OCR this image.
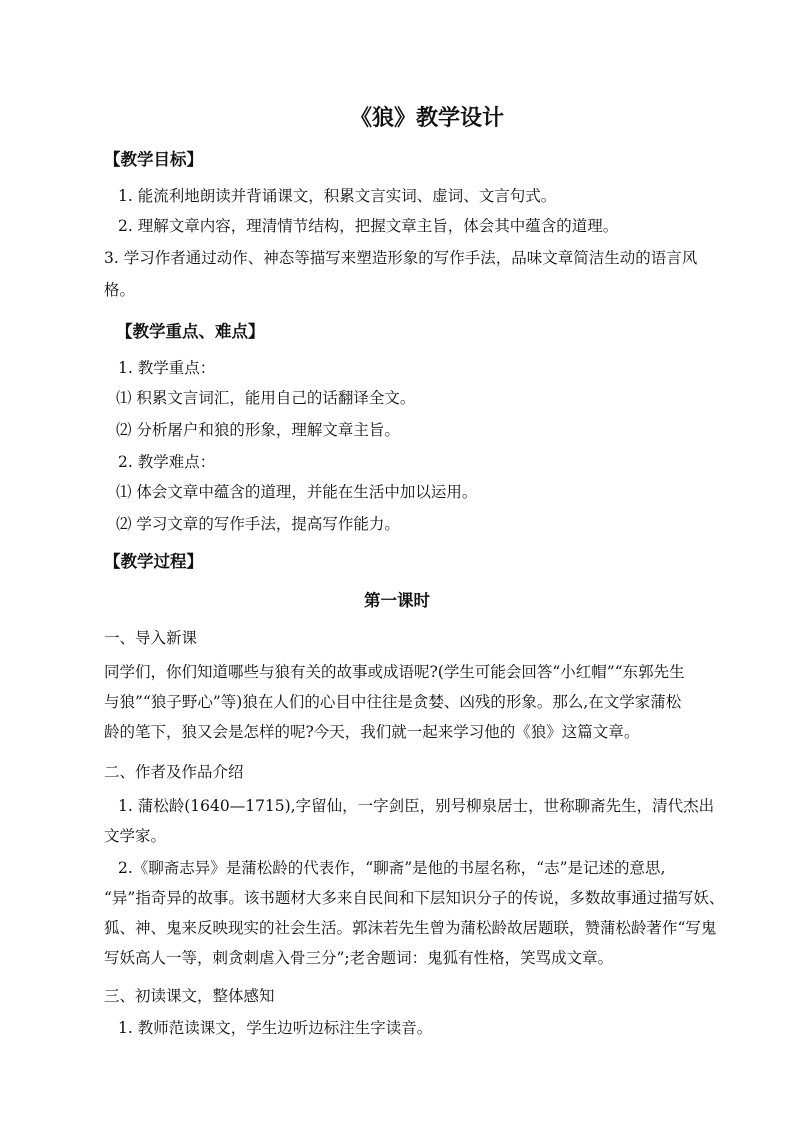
《狼》教学设计
【教学目标】
1. 能流利地朗读并背诵课文，积累文言实词、虚词、文言句式。
2. 理解文章内容，理清情节结构，把握文章主旨，体会其中蕴含的道理。
3. 学习作者通过动作、神态等描写来塑造形象的写作手法，品味文章简洁生动的语言风
格。
【教学重点、难点】
1. 教学重点：
⑴ 积累文言词汇，能用自己的话翻译全文。
⑵ 分析屠户和狼的形象，理解文章主旨。
2. 教学难点：
⑴ 体会文章中蕴含的道理，并能在生活中加以运用。
⑵ 学习文章的写作手法，提高写作能力。
【教学过程】
第一课时
一、导入新课
同学们，你们知道哪些与狼有关的故事或成语呢?(学生可能会回答“小红帽”“东郭先生
与狼”“狼子野心”等)狼在人们的心目中往往是贪婪、凶残的形象。那么,在文学家蒲松
龄的笔下，狼又会是怎样的呢?今天，我们就一起来学习他的《狼》这篇文章。
二、作者及作品介绍
1. 蒲松龄(1640—1715),字留仙，一字剑臣，别号柳泉居士，世称聊斋先生，清代杰出
文学家。
2.《聊斋志异》是蒲松龄的代表作，“聊斋”是他的书屋名称，“志”是记述的意思,
“异”指奇异的故事。该书题材大多来自民间和下层知识分子的传说，多数故事通过描写妖、
狐、神、鬼来反映现实的社会生活。郭沫若先生曾为蒲松龄故居题联，赞蒲松龄著作“写鬼
写妖高人一等，刺贪刺虐入骨三分”;老舍题词：鬼狐有性格，笑骂成文章。
三、初读课文，整体感知
1. 教师范读课文，学生边听边标注生字读音。
